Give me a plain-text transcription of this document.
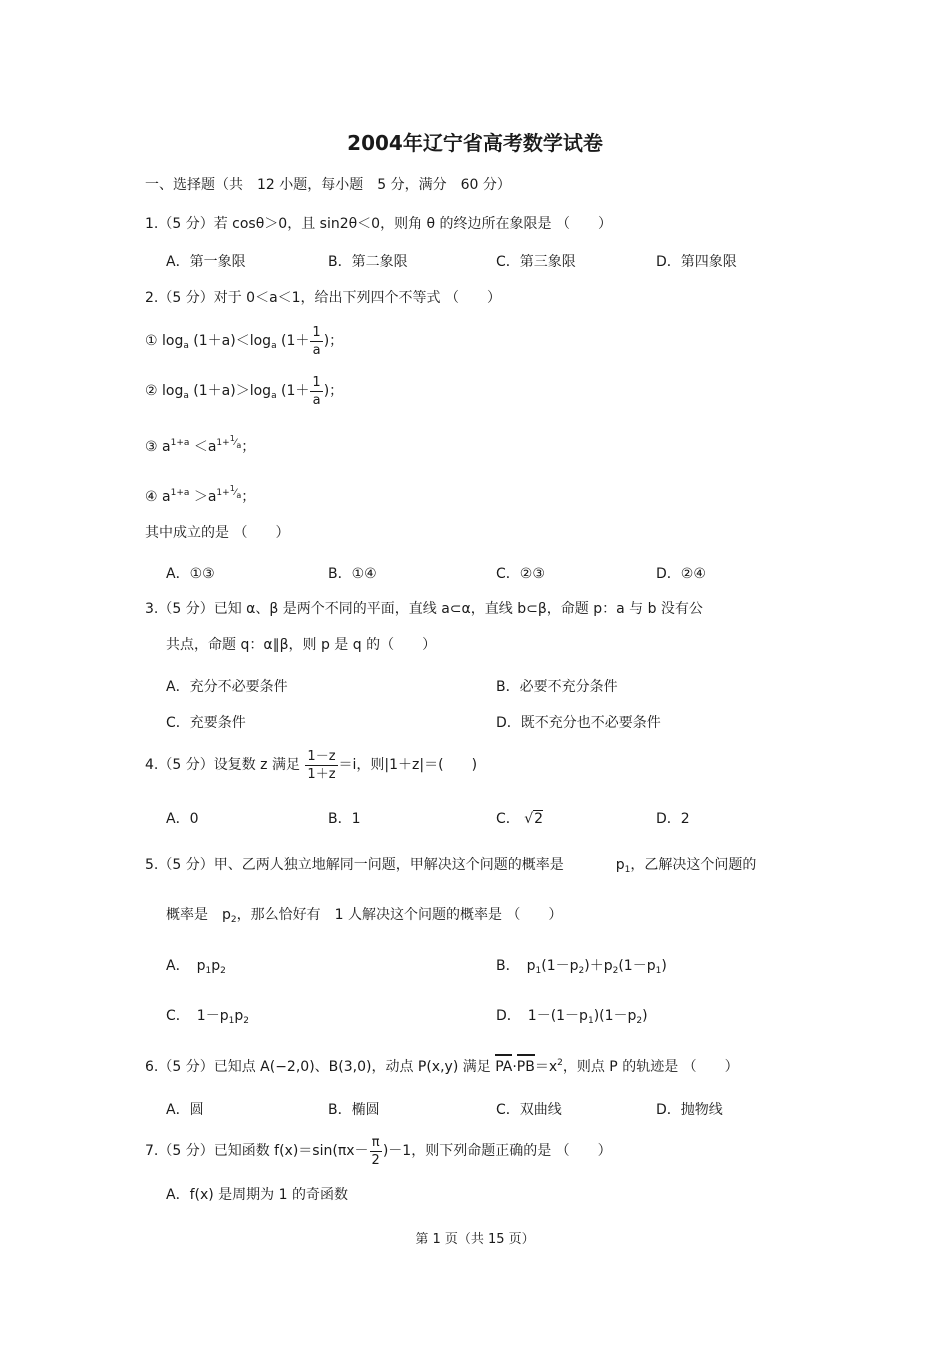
2004年辽宁省高考数学试卷
一、选择题（共　12 小题，每小题　5 分，满分　60 分）
1.（5 分）若 cosθ＞0，且 sin2θ＜0，则角 θ 的终边所在象限是 （　　）
A．第一象限	B．第二象限	C．第三象限	D．第四象限
2.（5 分）对于 0＜a＜1，给出下列四个不等式 （　　）
① $\log_a (1+a)<\log_a$ ($1+ \frac{1}{a}$ )；
② $\log_a (1+a)>\log_a$ ($1+ \frac{1}{a}$ )；
③ $a^{1+a} <a^{1+^1⁄_a}$；
④ $a^{1+a} >a^{1+^1⁄_a}$；
其中成立的是 （　　）
A．①③	B．①④	C．②③	D．②④
3.（5 分）已知 α、β 是两个不同的平面，直线 a⊂α，直线 b⊂β，命题 p：a 与 b 没有公
共点，命题 q：α∥β，则 p 是 q 的（　　）
A．充分不必要条件	B．必要不充分条件
C．充要条件	D．既不充分也不必要条件
4.（5 分）设复数 z 满足 $\frac{1-z}{1+z} =i$，则|1＋z|＝(　　)
A．0	B．1	C． √2	D．2
5.（5 分）甲、乙两人独立地解同一问题，甲解决这个问题的概率是	$p_1$，乙解决这个问题的
概率是　$p_2$，那么恰好有　1 人解决这个问题的概率是 （　　）
A．　$p_1p_2$	B．　$p_1(1-p_2)+p_2(1-p_1)$
C．　$1-p_1p_2$	D．　$1-(1-p_1)(1-p_2)$
6.（5 分）已知点 A(−2,0)、B(3,0)，动点 P(x,y) 满足 $PA\cdot PB=x^2$，则点 P 的轨迹是 （　　）
A．圆	B．椭圆	C．双曲线	D．抛物线
7.（5 分）已知函数 $f(x)=\sin(\pi x- \frac{\pi}{2} )-1$，则下列命题正确的是 （　　）
A．f(x) 是周期为 1 的奇函数
第 1 页（共 15 页）
